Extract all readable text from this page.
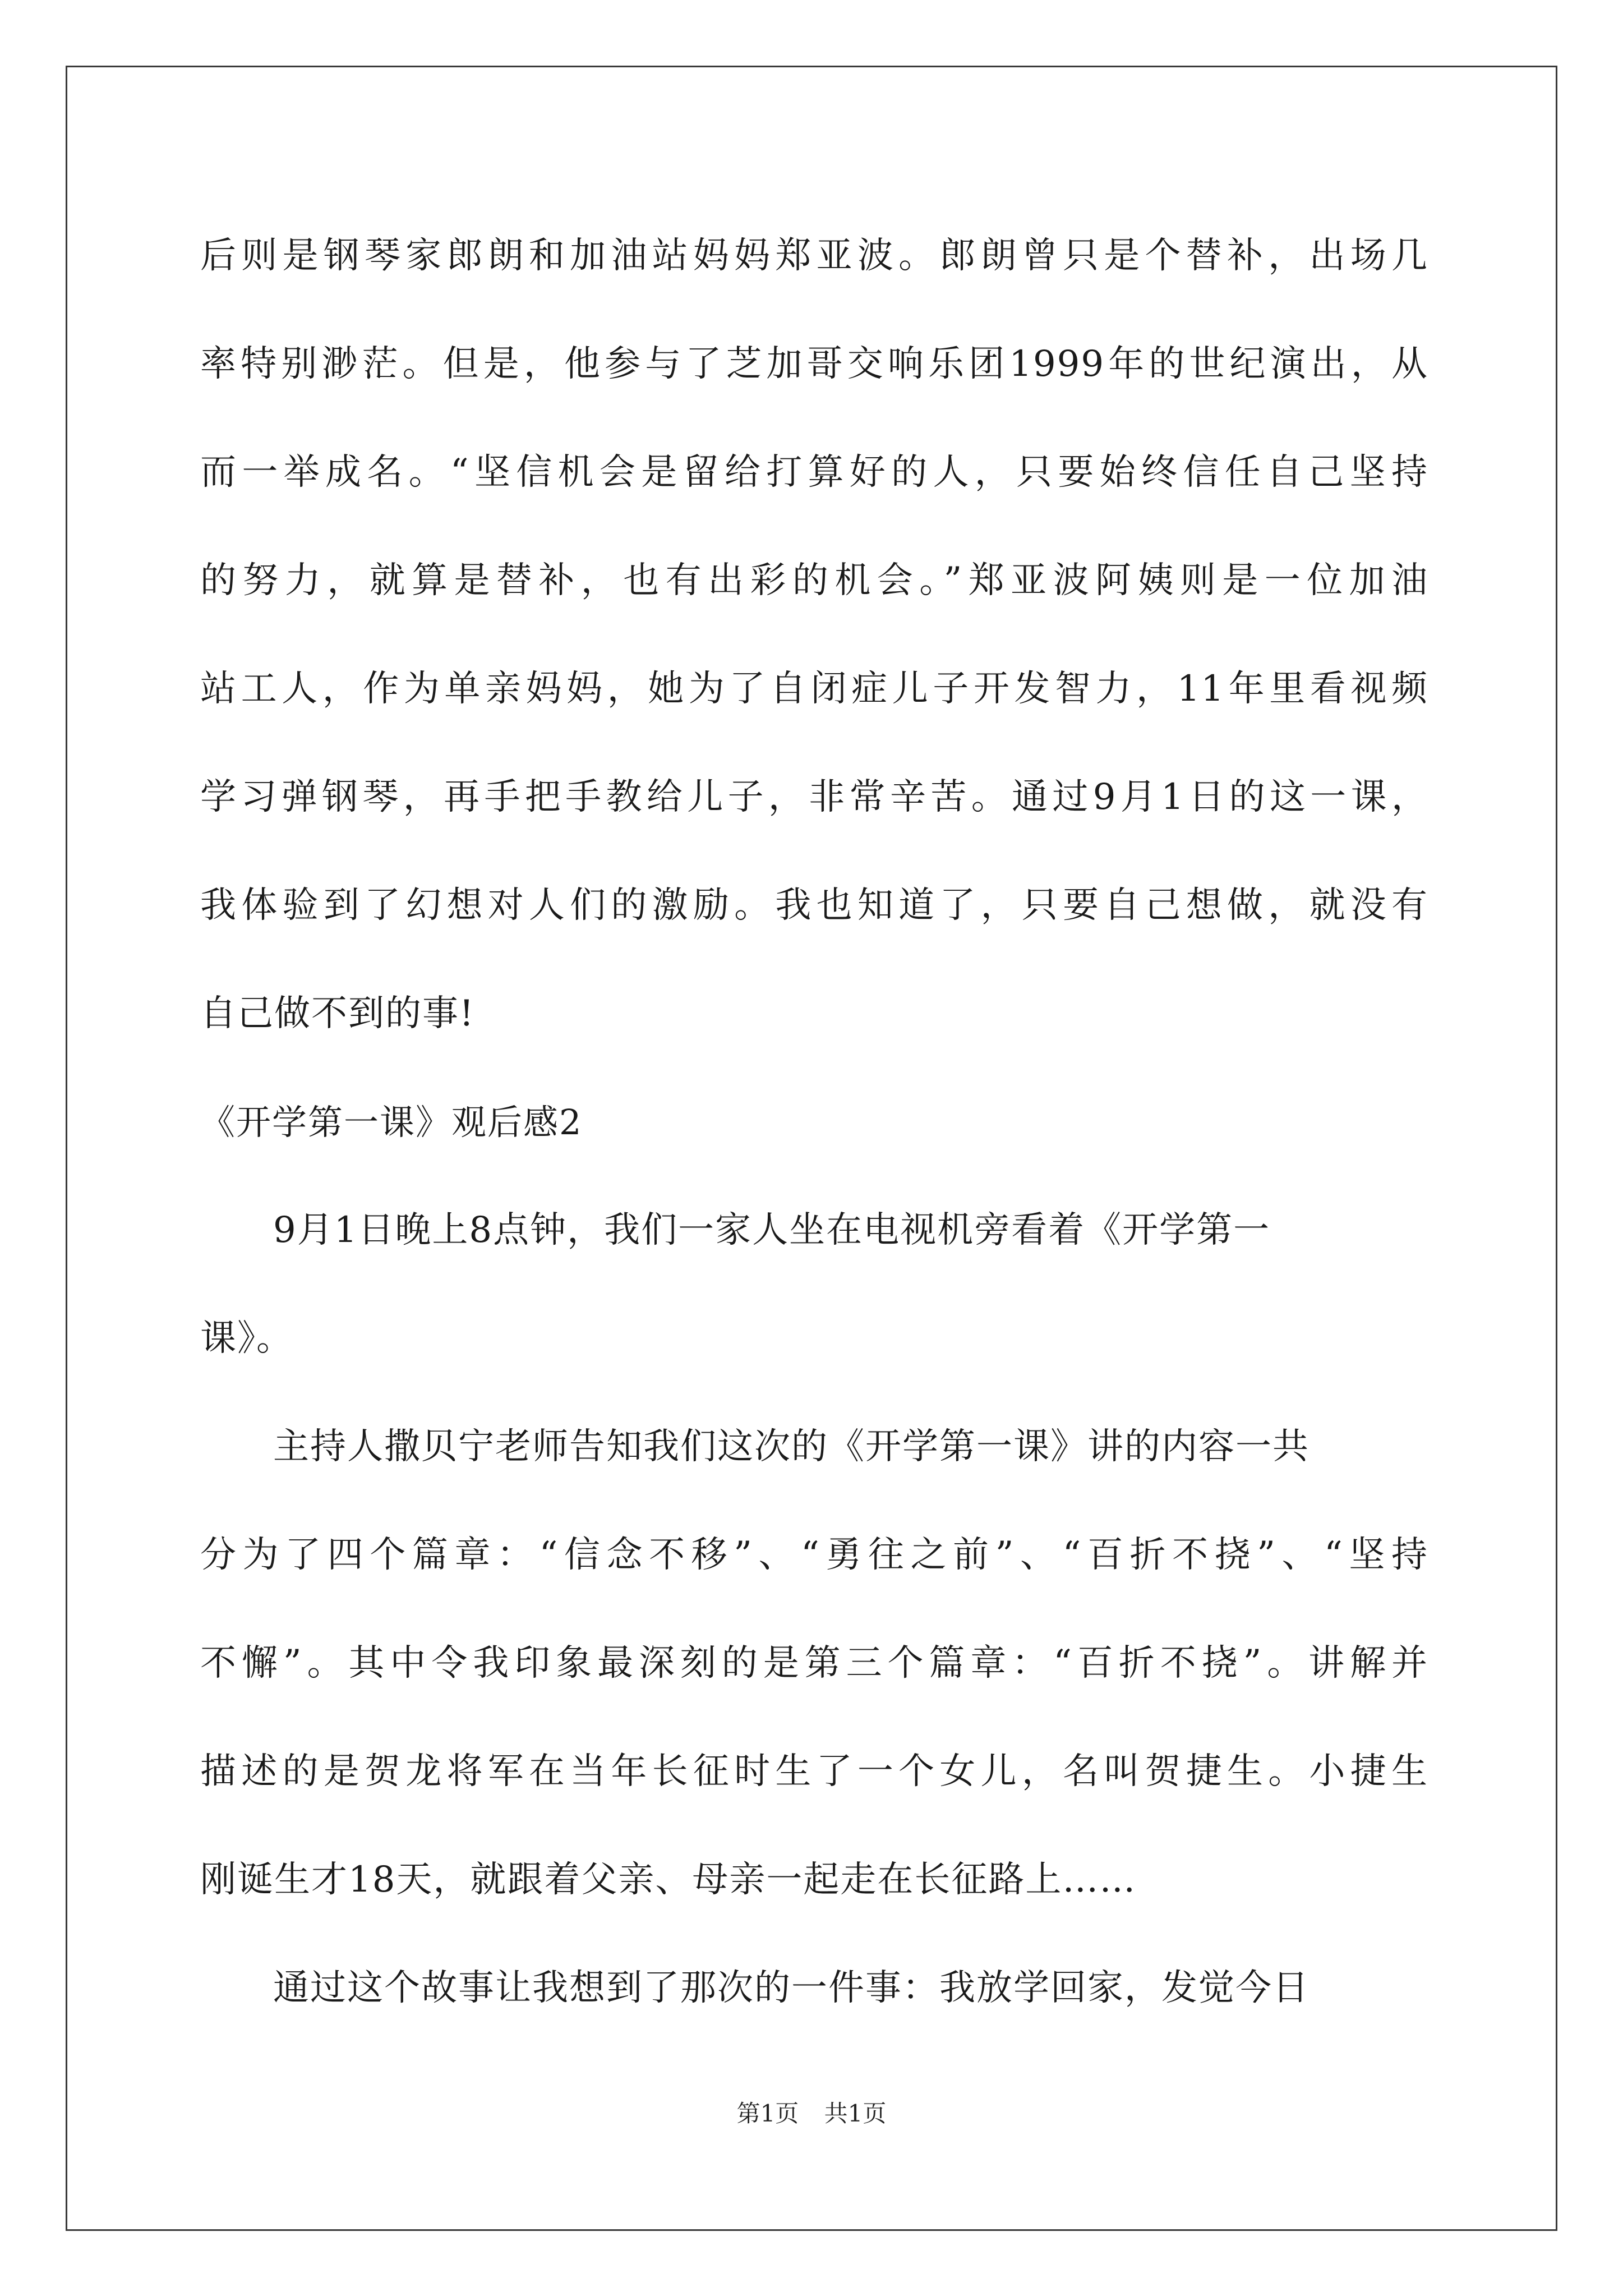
后则是钢琴家郎朗和加油站妈妈郑亚波。郎朗曾只是个替补，出场几
率特别渺茫。但是，他参与了芝加哥交响乐团1999年的世纪演出，从
而一举成名。“坚信机会是留给打算好的人，只要始终信任自己坚持
的努力，就算是替补，也有出彩的机会。”郑亚波阿姨则是一位加油
站工人，作为单亲妈妈，她为了自闭症儿子开发智力，11年里看视频
学习弹钢琴，再手把手教给儿子，非常辛苦。通过9月1日的这一课，
我体验到了幻想对人们的激励。我也知道了，只要自己想做，就没有
自己做不到的事!
《开学第一课》观后感2
9月1日晚上8点钟，我们一家人坐在电视机旁看着《开学第一
课》。
主持人撒贝宁老师告知我们这次的《开学第一课》讲的内容一共
分为了四个篇章：“信念不移”、“勇往之前”、“百折不挠”、“坚持
不懈”。其中令我印象最深刻的是第三个篇章：“百折不挠”。讲解并
描述的是贺龙将军在当年长征时生了一个女儿，名叫贺捷生。小捷生
刚诞生才18天，就跟着父亲、母亲一起走在长征路上……
通过这个故事让我想到了那次的一件事：我放学回家，发觉今日
第1页 共1页
